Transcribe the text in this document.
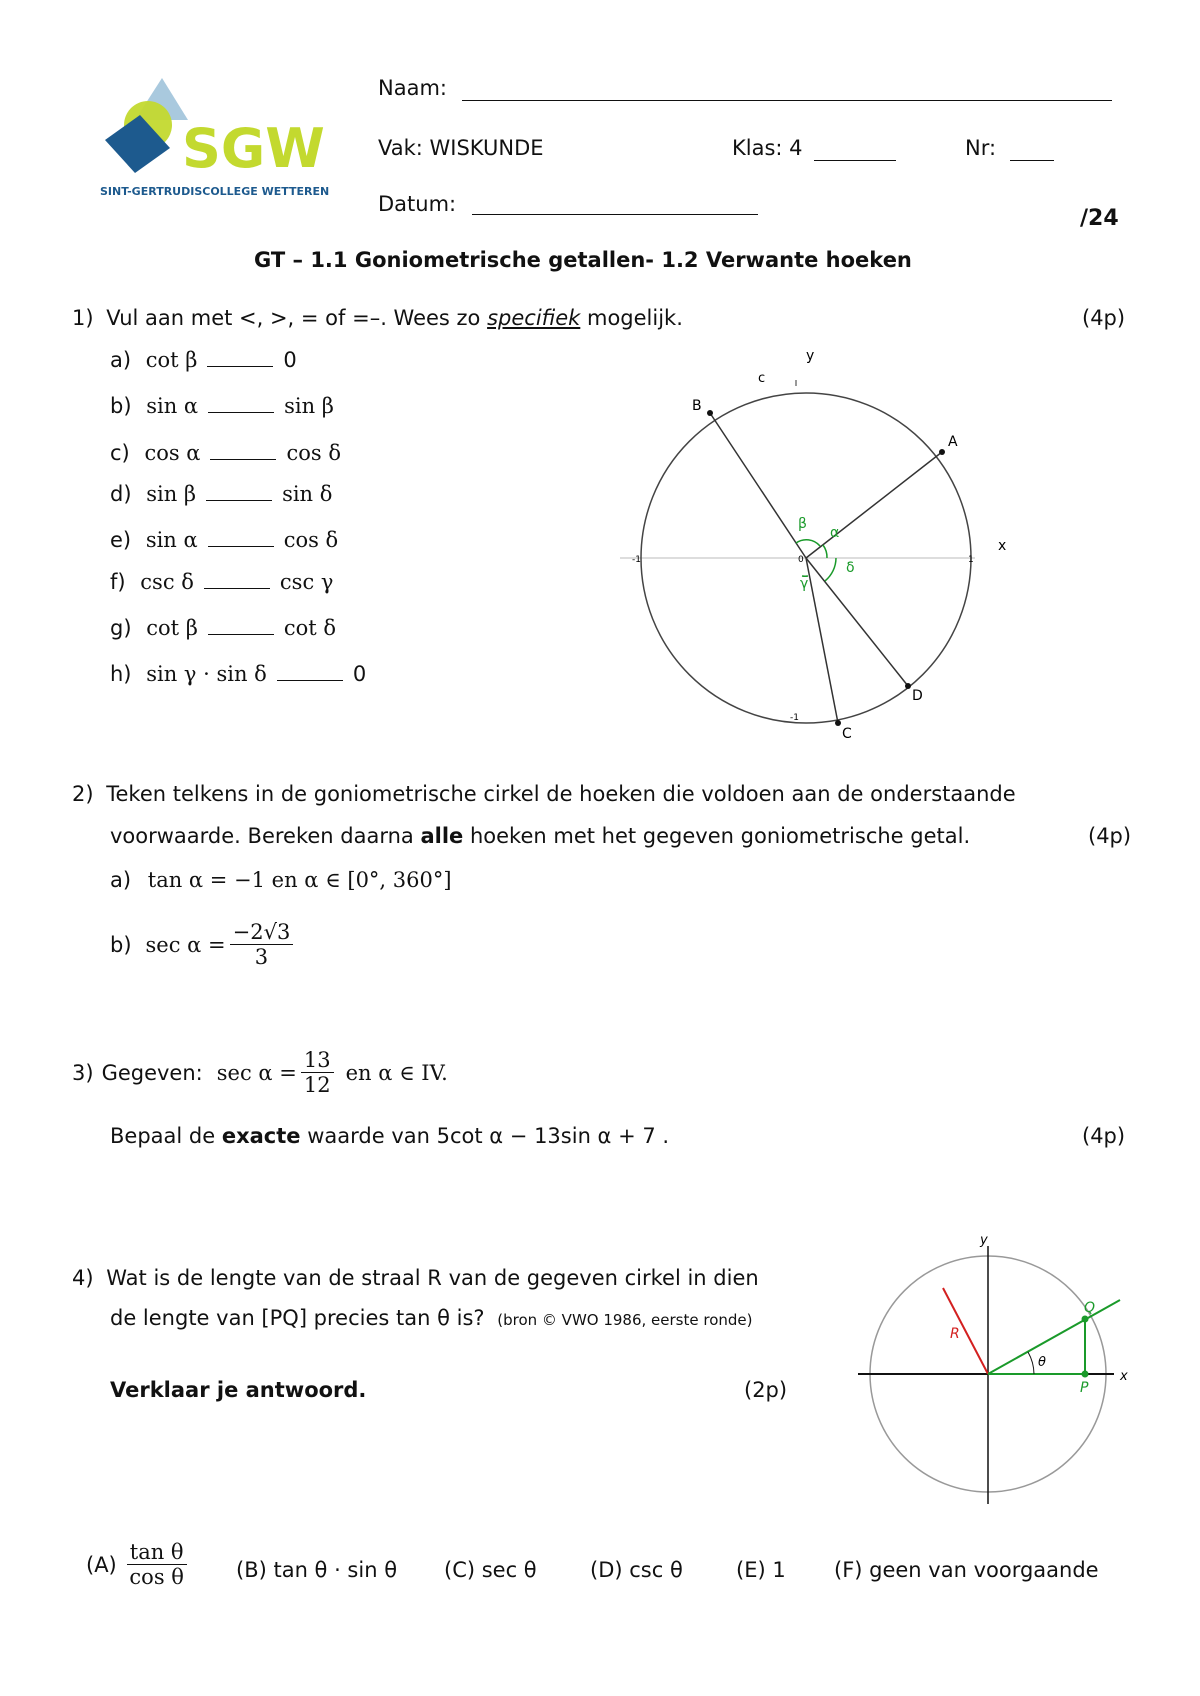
SGW
SINT-GERTRUDISCOLLEGE WETTEREN
Naam:
Vak: WISKUNDE	Klas: 4	Nr:
Datum:
/24
GT – 1.1 Goniometrische getallen- 1.2 Verwante hoeken
1) Vul aan met <, >, = of =–. Wees zo specifiek mogelijk.	(4p)
a) cot β	0
b) sin α	sin β
c) cos α	cos δ
d) sin β	sin δ
e) sin α	cos δ
f) csc δ	csc γ
g) cot β	cot δ
h) sin γ · sin δ	0
A
B
C
D
c
y
x
-1
-1
0	1
α
β
γ
δ
2) Teken telkens in de goniometrische cirkel de hoeken die voldoen aan de onderstaande
voorwaarde. Bereken daarna alle hoeken met het gegeven goniometrische getal.	(4p)
a) tan α = −1 en α ∈ [0°, 360°]
b) $\sec \alpha = \frac{-2√3}{3}$
3) Gegeven: $\sec \alpha = \frac{13}{12}$ en α ∈ IV.
Bepaal de exacte waarde van 5cot α − 13sin α + 7 .	(4p)
4) Wat is de lengte van de straal R van de gegeven cirkel in dien
de lengte van [PQ] precies tan θ is? (bron © VWO 1986, eerste ronde)
Verklaar je antwoord.	(2p)
y
x
R
Q
P
θ
$(A) \frac{\text{tan θ}}{\text{cos θ}} (B)$ tan θ · sin θ (C) sec θ	(D) csc θ	(E) 1 (F) geen van voorgaande
